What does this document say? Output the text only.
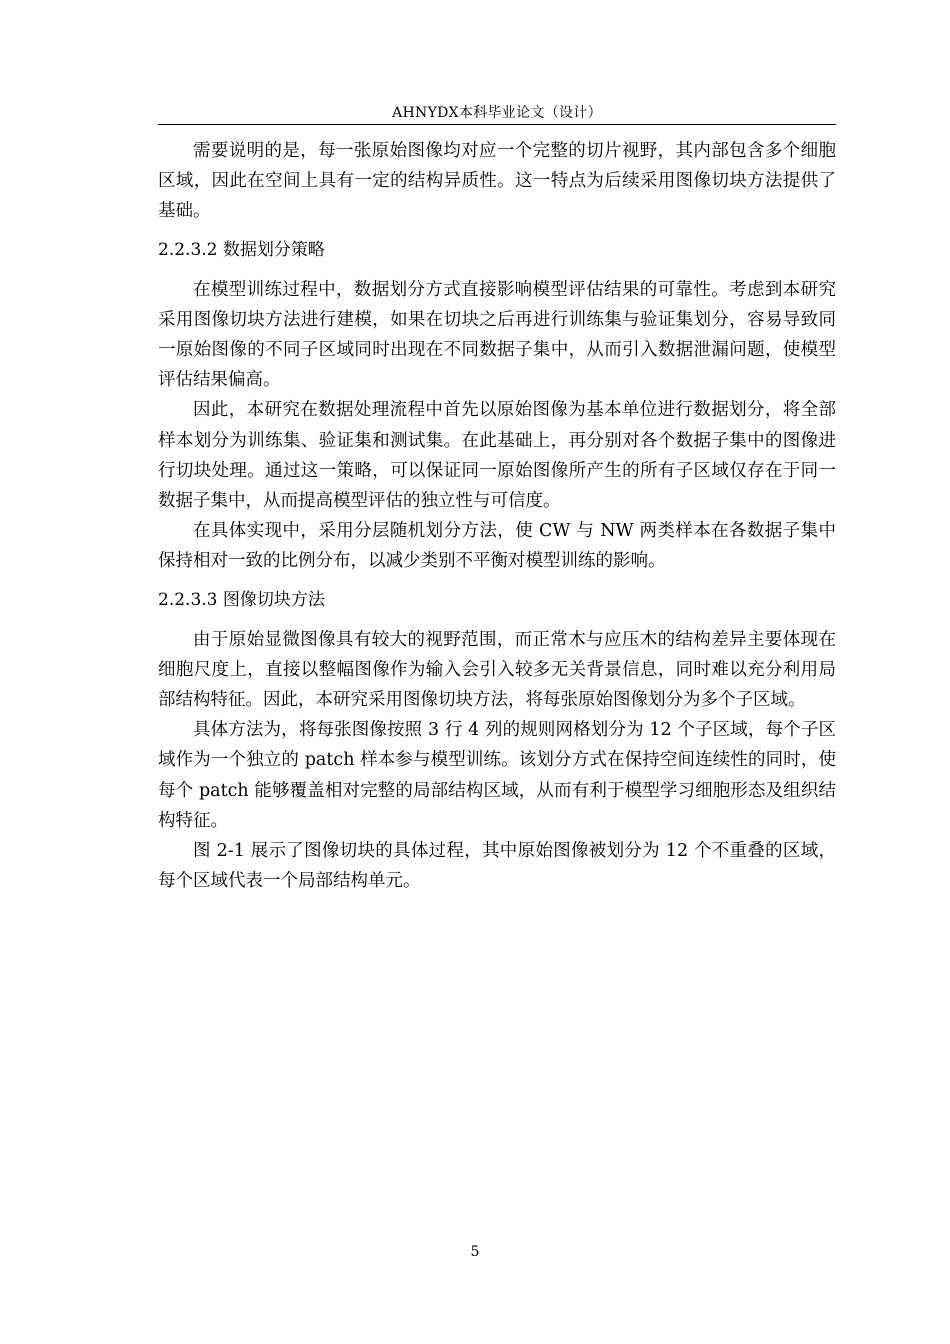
AHNYDX本科毕业论文（设计）

需要说明的是，每一张原始图像均对应一个完整的切片视野，其内部包含多个细胞区域，因此在空间上具有一定的结构异质性。这一特点为后续采用图像切块方法提供了基础。

2.2.3.2 数据划分策略

在模型训练过程中，数据划分方式直接影响模型评估结果的可靠性。考虑到本研究采用图像切块方法进行建模，如果在切块之后再进行训练集与验证集划分，容易导致同一原始图像的不同子区域同时出现在不同数据子集中，从而引入数据泄漏问题，使模型评估结果偏高。

因此，本研究在数据处理流程中首先以原始图像为基本单位进行数据划分，将全部样本划分为训练集、验证集和测试集。在此基础上，再分别对各个数据子集中的图像进行切块处理。通过这一策略，可以保证同一原始图像所产生的所有子区域仅存在于同一数据子集中，从而提高模型评估的独立性与可信度。

在具体实现中，采用分层随机划分方法，使 CW 与 NW 两类样本在各数据子集中保持相对一致的比例分布，以减少类别不平衡对模型训练的影响。

2.2.3.3 图像切块方法

由于原始显微图像具有较大的视野范围，而正常木与应压木的结构差异主要体现在细胞尺度上，直接以整幅图像作为输入会引入较多无关背景信息，同时难以充分利用局部结构特征。因此，本研究采用图像切块方法，将每张原始图像划分为多个子区域。

具体方法为，将每张图像按照 3 行 4 列的规则网格划分为 12 个子区域，每个子区域作为一个独立的 patch 样本参与模型训练。该划分方式在保持空间连续性的同时，使每个 patch 能够覆盖相对完整的局部结构区域，从而有利于模型学习细胞形态及组织结构特征。

图 2-1 展示了图像切块的具体过程，其中原始图像被划分为 12 个不重叠的区域，每个区域代表一个局部结构单元。

5
